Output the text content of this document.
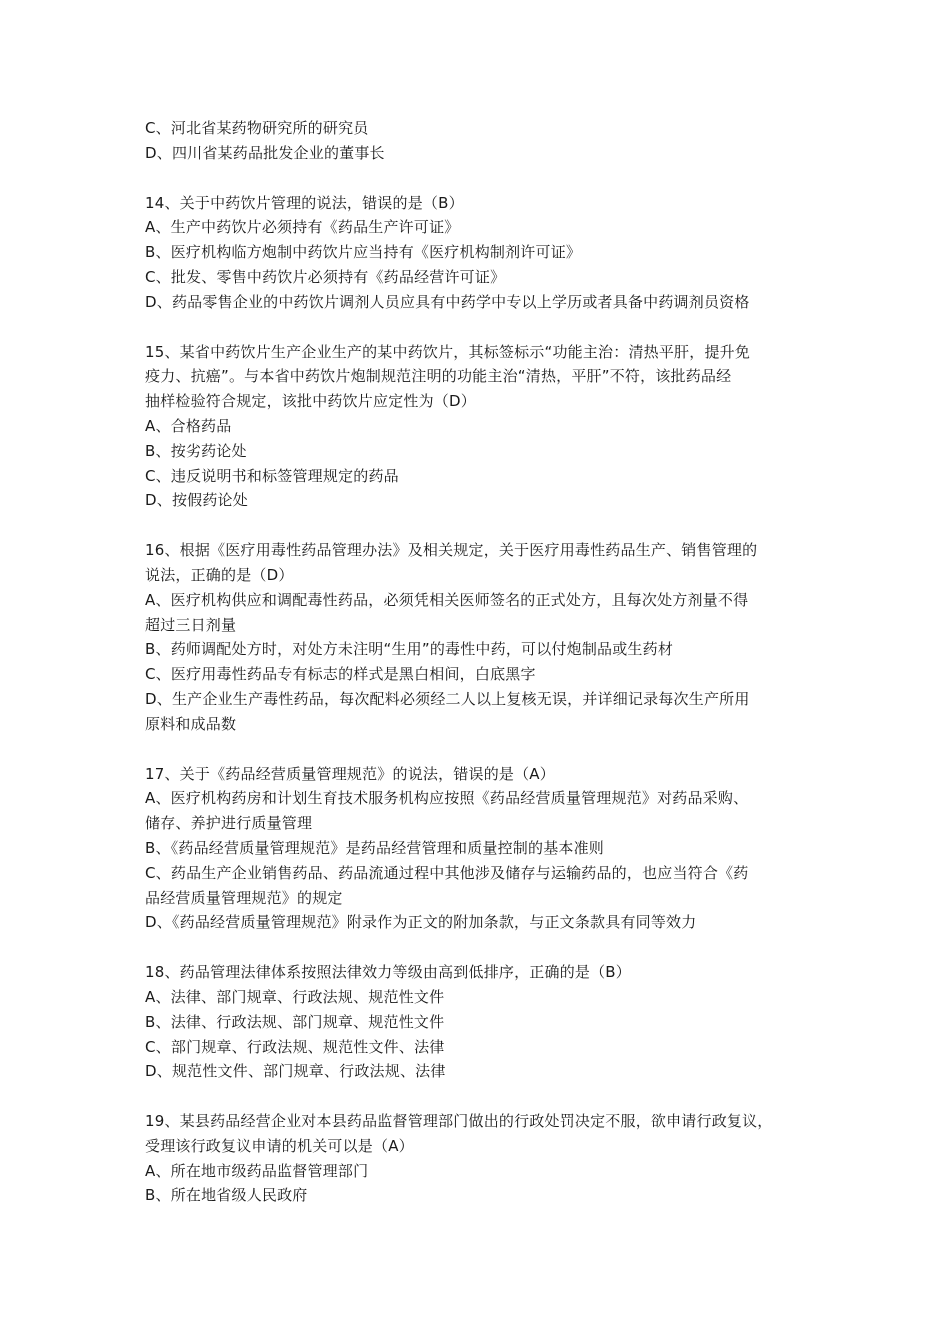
C、河北省某药物研究所的研究员
D、四川省某药品批发企业的董事长
14、关于中药饮片管理的说法，错误的是（B）
A、生产中药饮片必须持有《药品生产许可证》
B、医疗机构临方炮制中药饮片应当持有《医疗机构制剂许可证》
C、批发、零售中药饮片必须持有《药品经营许可证》
D、药品零售企业的中药饮片调剂人员应具有中药学中专以上学历或者具备中药调剂员资格
15、某省中药饮片生产企业生产的某中药饮片，其标签标示“功能主治：清热平肝，提升免
疫力、抗癌”。与本省中药饮片炮制规范注明的功能主治“清热，平肝”不符，该批药品经
抽样检验符合规定，该批中药饮片应定性为（D）
A、合格药品
B、按劣药论处
C、违反说明书和标签管理规定的药品
D、按假药论处
16、根据《医疗用毒性药品管理办法》及相关规定，关于医疗用毒性药品生产、销售管理的
说法，正确的是（D）
A、医疗机构供应和调配毒性药品，必须凭相关医师签名的正式处方，且每次处方剂量不得
超过三日剂量
B、药师调配处方时，对处方未注明“生用”的毒性中药，可以付炮制品或生药材
C、医疗用毒性药品专有标志的样式是黑白相间，白底黑字
D、生产企业生产毒性药品，每次配料必须经二人以上复核无误，并详细记录每次生产所用
原料和成品数
17、关于《药品经营质量管理规范》的说法，错误的是（A）
A、医疗机构药房和计划生育技术服务机构应按照《药品经营质量管理规范》对药品采购、
储存、养护进行质量管理
B、《药品经营质量管理规范》是药品经营管理和质量控制的基本准则
C、药品生产企业销售药品、药品流通过程中其他涉及储存与运输药品的，也应当符合《药
品经营质量管理规范》的规定
D、《药品经营质量管理规范》附录作为正文的附加条款，与正文条款具有同等效力
18、药品管理法律体系按照法律效力等级由高到低排序，正确的是（B）
A、法律、部门规章、行政法规、规范性文件
B、法律、行政法规、部门规章、规范性文件
C、部门规章、行政法规、规范性文件、法律
D、规范性文件、部门规章、行政法规、法律
19、某县药品经营企业对本县药品监督管理部门做出的行政处罚决定不服，欲申请行政复议，
受理该行政复议申请的机关可以是（A）
A、所在地市级药品监督管理部门
B、所在地省级人民政府
